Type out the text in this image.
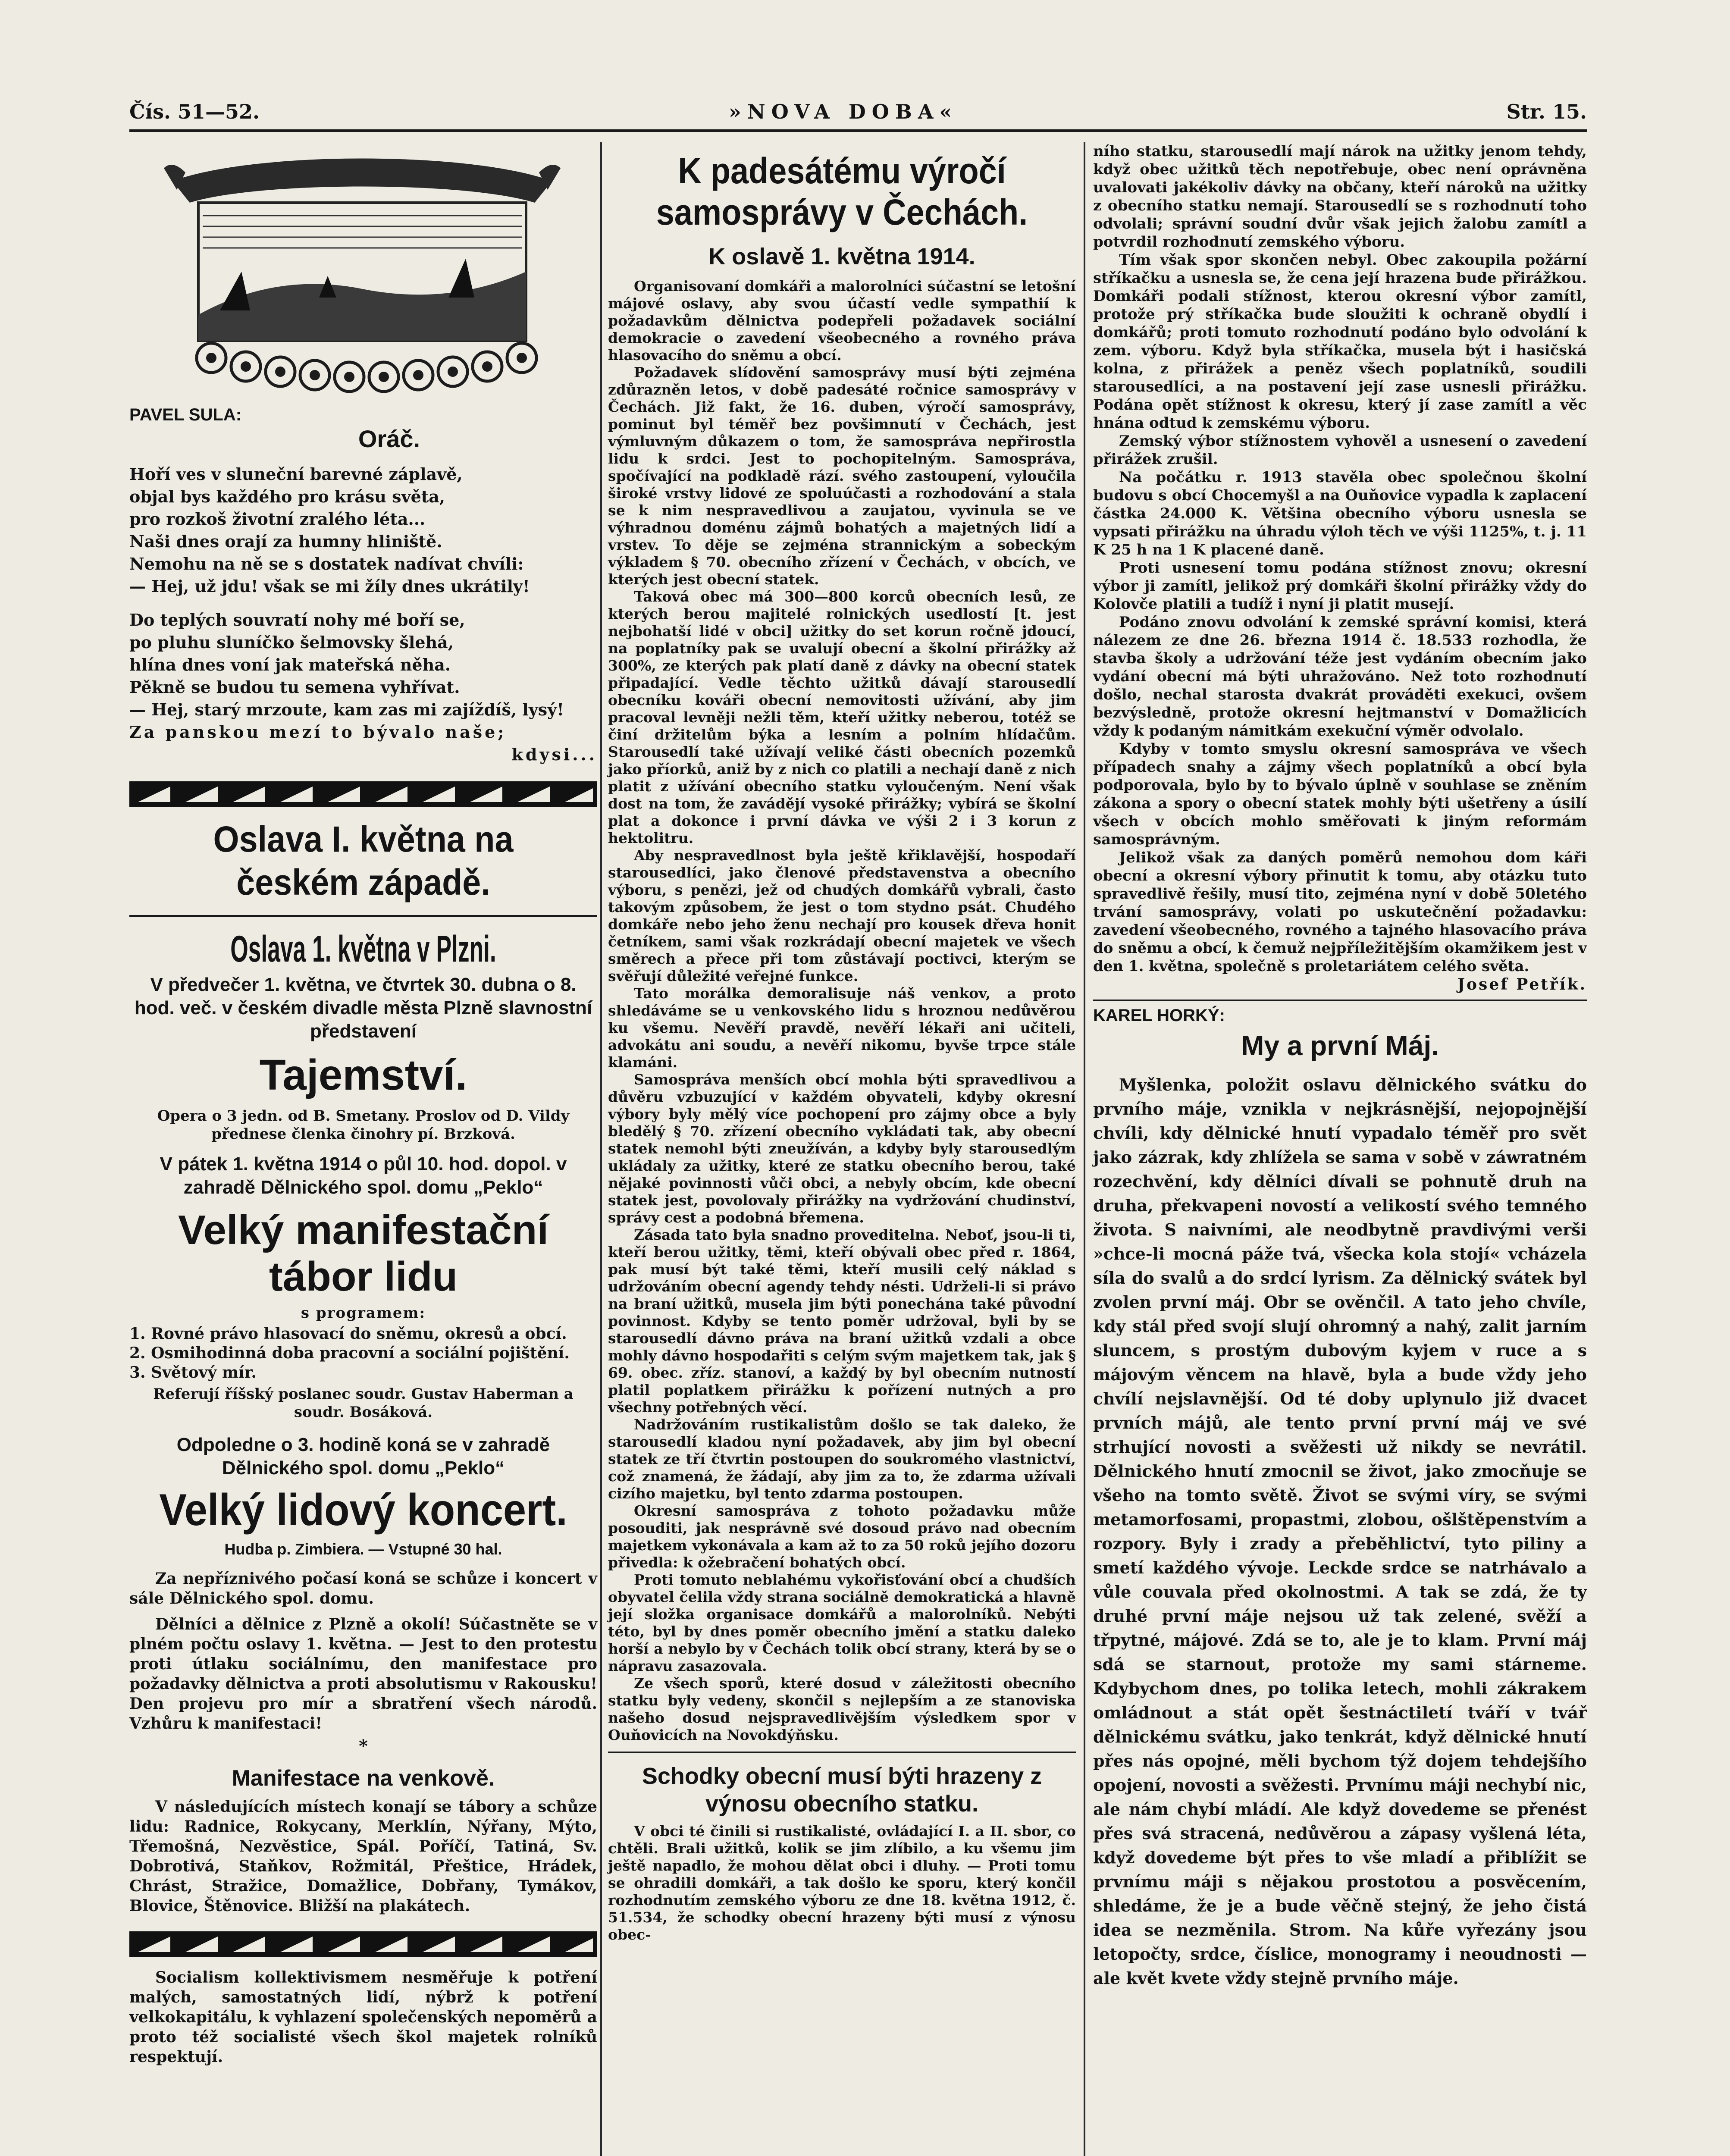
Čís. 51—52.	»NOVA DOBA«	Str. 15.
PAVEL SULA:
Oráč.
Hoří ves v sluneční barevné záplavě,
objal bys každého pro krásu světa,
pro rozkoš životní zralého léta...
Naši dnes orají za humny hliniště.
Nemohu na ně se s dostatek nadívat chvíli:
— Hej, už jdu! však se mi žíly dnes ukrátily!
Do teplých souvratí nohy mé boří se,
po pluhu sluníčko šelmovsky šlehá,
hlína dnes voní jak mateřská něha.
Pěkně se budou tu semena vyhřívat.
— Hej, starý mrzoute, kam zas mi zajíždíš, lysý!
Za panskou mezí to bývalo naše;
kdysi...
Oslava I. května na českém západě.
Oslava 1. května v Plzni.
V předvečer 1. května, ve čtvrtek 30. dubna o 8. hod. več. v českém divadle města Plzně slavnostní představení
Tajemství.
Opera o 3 jedn. od B. Smetany. Proslov od D. Vildy přednese členka činohry pí. Brzková.
V pátek 1. května 1914 o půl 10. hod. dopol. v zahradě Dělnického spol. domu „Peklo“
Velký manifestační tábor lidu
s programem:
1. Rovné právo hlasovací do sněmu, okresů a obcí.
2. Osmihodinná doba pracovní a sociální pojištění.
3. Světový mír.
Referují říšský poslanec soudr. Gustav Haberman a soudr. Bosáková.
Odpoledne o 3. hodině koná se v zahradě Dělnického spol. domu „Peklo“
Velký lidový koncert.
Hudba p. Zimbiera. — Vstupné 30 hal.

Za nepříznivého počasí koná se schůze i koncert v sále Dělnického spol. domu.

Dělníci a dělnice z Plzně a okolí! Súčastněte se v plném počtu oslavy 1. května. — Jest to den protestu proti útlaku sociálnímu, den manifestace pro požadavky dělnictva a proti absolutismu v Rakousku! Den projevu pro mír a sbratření všech národů. Vzhůru k manifestaci!

*
Manifestace na venkově.

V následujících místech konají se tábory a schůze lidu: Radnice, Rokycany, Merklín, Nýřany, Mýto, Třemošná, Nezvěstice, Spál. Poříčí, Tatiná, Sv. Dobrotivá, Staňkov, Rožmitál, Přeštice, Hrádek, Chrást, Stražice, Domažlice, Dobřany, Tymákov, Blovice, Štěnovice. Bližší na plakátech.

Socialism kollektivismem nesměřuje k potření malých, samostatných lidí, nýbrž k potření velkokapitálu, k vyhlazení společenských nepoměrů a proto též socialisté všech škol majetek rolníků respektují.

K padesátému výročí samosprávy v Čechách.
K oslavě 1. května 1914.

Organisovaní domkáři a malorolníci súčastní se letošní májové oslavy, aby svou účastí vedle sympathií k požadavkům dělnictva podepřeli požadavek sociální demokracie o zavedení všeobecného a rovného práva hlasovacího do sněmu a obcí.

Požadavek slídovění samosprávy musí býti zejména zdůrazněn letos, v době padesáté ročnice samosprávy v Čechách. Již fakt, že 16. duben, výročí samosprávy, pominut byl téměř bez povšimnutí v Čechách, jest výmluvným důkazem o tom, že samospráva nepřirostla lidu k srdci. Jest to pochopitelným. Samospráva, spočívající na podkladě rází. svého zastoupení, vyloučila široké vrstvy lidové ze spoluúčasti a rozhodování a stala se k nim nespravedlivou a zaujatou, vyvinula se ve výhradnou doménu zájmů bohatých a majetných lidí a vrstev. To děje se zejména strannickým a sobeckým výkladem § 70. obecního zřízení v Čechách, v obcích, ve kterých jest obecní statek.

Taková obec má 300—800 korců obecních lesů, ze kterých berou majitelé rolnických usedlostí [t. jest nejbohatší lidé v obci] užitky do set korun ročně jdoucí, na poplatníky pak se uvalují obecní a školní přirážky až 300%, ze kterých pak platí daně z dávky na obecní statek připadající. Vedle těchto užitků dávají starousedlí obecníku kováři obecní nemovitosti užívání, aby jim pracoval levněji nežli těm, kteří užitky neberou, totéž se činí držitelům býka a lesním a polním hlídačům. Starousedlí také užívají veliké části obecních pozemků jako příorků, aniž by z nich co platili a nechají daně z nich platit z užívání obecního statku vyloučeným. Není však dost na tom, že zavádějí vysoké přirážky; vybírá se školní plat a dokonce i první dávka ve výši 2 i 3 korun z hektolitru.

Aby nespravedlnost byla ještě křiklavější, hospodaří starousedlíci, jako členové představenstva a obecního výboru, s penězi, jež od chudých domkářů vybrali, často takovým způsobem, že jest o tom stydno psát. Chudého domkáře nebo jeho ženu nechají pro kousek dřeva honit četníkem, sami však rozkrádají obecní majetek ve všech směrech a přece při tom zůstávají poctivci, kterým se svěřují důležité veřejné funkce.

Tato morálka demoralisuje náš venkov, a proto shledáváme se u venkovského lidu s hroznou nedůvěrou ku všemu. Nevěří pravdě, nevěří lékaři ani učiteli, advokátu ani soudu, a nevěří nikomu, byvše trpce stále klamáni.

Samospráva menších obcí mohla býti spravedlivou a důvěru vzbuzující v každém obyvateli, kdyby okresní výbory byly mělý více pochopení pro zájmy obce a byly bledělý § 70. zřízení obecního vykládati tak, aby obecní statek nemohl býti zneužíván, a kdyby byly starousedlým ukládaly za užitky, které ze statku obecního berou, také nějaké povinnosti vůči obci, a nebyly obcím, kde obecní statek jest, povolovaly přirážky na vydržování chudinství, správy cest a podobná břemena.

Zásada tato byla snadno proveditelna. Neboť, jsou-li ti, kteří berou užitky, těmi, kteří obývali obec před r. 1864, pak musí být také těmi, kteří musili celý náklad s udržováním obecní agendy tehdy nésti. Udrželi-li si právo na braní užitků, musela jim býti ponechána také původní povinnost. Kdyby se tento poměr udržoval, byli by se starousedlí dávno práva na braní užitků vzdali a obce mohly dávno hospodařiti s celým svým majetkem tak, jak § 69. obec. zříz. stanoví, a každý by byl obecním nutností platil poplatkem přirážku k pořízení nutných a pro všechny potřebných věcí.

Nadržováním rustikalistům došlo se tak daleko, že starousedlí kladou nyní požadavek, aby jim byl obecní statek ze tří čtvrtin postoupen do soukromého vlastnictví, což znamená, že žádají, aby jim za to, že zdarma užívali cizího majetku, byl tento zdarma postoupen.

Okresní samospráva z tohoto požadavku může posouditi, jak nesprávně své dosoud právo nad obecním majetkem vykonávala a kam až to za 50 roků jejího dozoru přivedla: k ožebračení bohatých obcí.

Proti tomuto neblahému vykořisťování obcí a chudších obyvatel čelila vždy strana sociálně demokratická a hlavně její složka organisace domkářů a malorolníků. Nebýti této, byl by dnes poměr obecního jmění a statku daleko horší a nebylo by v Čechách tolik obcí strany, která by se o nápravu zasazovala.

Ze všech sporů, které dosud v záležitosti obecního statku byly vedeny, skončil s nejlepším a ze stanoviska našeho dosud nejspravedlivějším výsledkem spor v Ouňovicích na Novokdýňsku.

Schodky obecní musí býti hrazeny z výnosu obecního statku.

V obci té činili si rustikalisté, ovládající I. a II. sbor, co chtěli. Brali užitků, kolik se jim zlíbilo, a ku všemu jim ještě napadlo, že mohou dělat obci i dluhy. — Proti tomu se ohradili domkáři, a tak došlo ke sporu, který končil rozhodnutím zemského výboru ze dne 18. května 1912, č. 51.534, že schodky obecní hrazeny býti musí z výnosu obec-

ního statku, starousedlí mají nárok na užitky jenom tehdy, když obec užitků těch nepotřebuje, obec není oprávněna uvalovati jakékoliv dávky na občany, kteří nároků na užitky z obecního statku nemají. Starousedlí se s rozhodnutí toho odvolali; správní soudní dvůr však jejich žalobu zamítl a potvrdil rozhodnutí zemského výboru.

Tím však spor skončen nebyl. Obec zakoupila požární stříkačku a usnesla se, že cena její hrazena bude přirážkou. Domkáři podali stížnost, kterou okresní výbor zamítl, protože prý stříkačka bude sloužiti k ochraně obydlí i domkářů; proti tomuto rozhodnutí podáno bylo odvolání k zem. výboru. Když byla stříkačka, musela být i hasičská kolna, z přirážek a peněz všech poplatníků, soudili starousedlíci, a na postavení její zase usnesli přirážku. Podána opět stížnost k okresu, který jí zase zamítl a věc hnána odtud k zemskému výboru.

Zemský výbor stížnostem vyhověl a usnesení o zavedení přirážek zrušil.

Na počátku r. 1913 stavěla obec společnou školní budovu s obcí Chocemyšl a na Ouňovice vypadla k zaplacení částka 24.000 K. Většina obecního výboru usnesla se vypsati přirážku na úhradu výloh těch ve výši 1125%, t. j. 11 K 25 h na 1 K placené daně.

Proti usnesení tomu podána stížnost znovu; okresní výbor ji zamítl, jelikož prý domkáři školní přirážky vždy do Kolovče platili a tudíž i nyní ji platit musejí.

Podáno znovu odvolání k zemské správní komisi, která nálezem ze dne 26. března 1914 č. 18.533 rozhodla, že stavba školy a udržování téže jest vydáním obecním jako vydání obecní má býti uhražováno. Než toto rozhodnutí došlo, nechal starosta dvakrát prováděti exekuci, ovšem bezvýsledně, protože okresní hejtmanství v Domažlicích vždy k podaným námitkám exekuční výměr odvolalo.

Kdyby v tomto smyslu okresní samospráva ve všech případech snahy a zájmy všech poplatníků a obcí byla podporovala, bylo by to bývalo úplně v souhlase se zněním zákona a spory o obecní statek mohly býti ušetřeny a úsilí všech v obcích mohlo směřovati k jiným reformám samosprávným.

Jelikož však za daných poměrů nemohou dom káři obecní a okresní výbory přinutit k tomu, aby otázku tuto spravedlivě řešily, musí tito, zejména nyní v době 50letého trvání samosprávy, volati po uskutečnění požadavku: zavedení všeobecného, rovného a tajného hlasovacího práva do sněmu a obcí, k čemuž nejpříležitějším okamžikem jest v den 1. května, společně s proletariátem celého světa.

Josef Petřík.
KAREL HORKÝ:
My a první Máj.

Myšlenka, položit oslavu dělnického svátku do prvního máje, vznikla v nejkrásnější, nejopojnější chvíli, kdy dělnické hnutí vypadalo téměř pro svět jako zázrak, kdy zhlížela se sama v sobě v záwratném rozechvění, kdy dělníci dívali se pohnutě druh na druha, překvapeni novostí a velikostí svého temného života. S naivními, ale neodbytně pravdivými verši »chce-li mocná páže tvá, všecka kola stojí« vcházela síla do svalů a do srdcí lyrism. Za dělnický svátek byl zvolen první máj. Obr se ověnčil. A tato jeho chvíle, kdy stál před svojí slují ohromný a nahý, zalit jarním sluncem, s prostým dubovým kyjem v ruce a s májovým věncem na hlavě, byla a bude vždy jeho chvílí nejslavnější. Od té doby uplynulo již dvacet prvních májů, ale tento první první máj ve své strhující novosti a svěžesti už nikdy se nevrátil. Dělnického hnutí zmocnil se život, jako zmocňuje se všeho na tomto světě. Život se svými víry, se svými metamorfosami, propastmi, zlobou, ošlštěpenstvím a rozpory. Byly i zrady a přeběhlictví, tyto piliny a smetí každého vývoje. Leckde srdce se natrhávalo a vůle couvala před okolnostmi. A tak se zdá, že ty druhé první máje nejsou už tak zelené, svěží a třpytné, májové. Zdá se to, ale je to klam. První máj sdá se starnout, protože my sami stárneme. Kdybychom dnes, po tolika letech, mohli zákrakem omládnout a stát opět šestnáctiletí tváří v tvář dělnickému svátku, jako tenkrát, když dělnické hnutí přes nás opojné, měli bychom týž dojem tehdejšího opojení, novosti a svěžesti. Prvnímu máji nechybí nic, ale nám chybí mládí. Ale když dovedeme se přenést přes svá stracená, nedůvěrou a zápasy vyšlená léta, když dovedeme být přes to vše mladí a přiblížit se prvnímu máji s nějakou prostotou a posvěcením, shledáme, že je a bude věčně stejný, že jeho čistá idea se nezměnila. Strom. Na kůře vyřezány jsou letopočty, srdce, číslice, monogramy i neoudnosti — ale květ kvete vždy stejně prvního máje.
